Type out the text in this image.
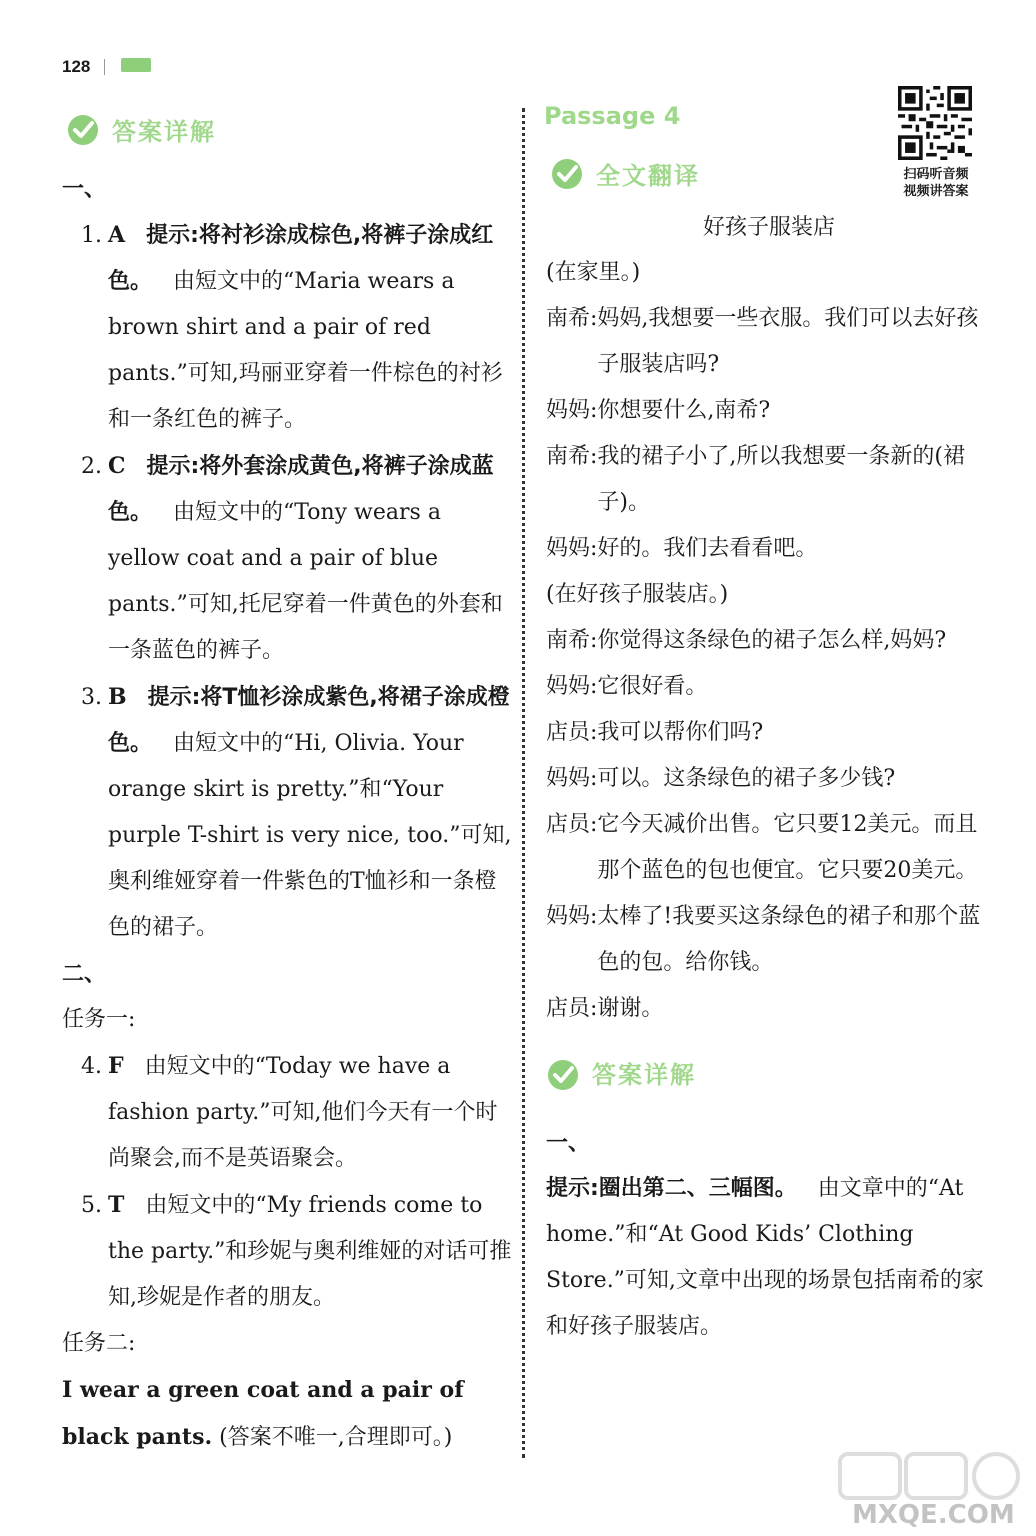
128
答案详解

一、

1. A 提示:将衬衫涂成棕色,将裤子涂成红色。 由短文中的“Maria wears a brown shirt and a pair of red pants.”可知,玛丽亚穿着一件棕色的衬衫和一条红色的裤子。
2. C 提示:将外套涂成黄色,将裤子涂成蓝色。 由短文中的“Tony wears a yellow coat and a pair of blue pants.”可知,托尼穿着一件黄色的外套和一条蓝色的裤子。
3. B 提示:将T恤衫涂成紫色,将裙子涂成橙色。 由短文中的“Hi, Olivia. Your orange skirt is pretty.”和“Your purple T-shirt is very nice, too.”可知,奥利维娅穿着一件紫色的T恤衫和一条橙色的裙子。

二、

任务一:

4. F 由短文中的“Today we have a fashion party.”可知,他们今天有一个时尚聚会,而不是英语聚会。
5. T 由短文中的“My friends come to the party.”和珍妮与奥利维娅的对话可推知,珍妮是作者的朋友。

任务二:

I wear a green coat and a pair of black pants. (答案不唯一,合理即可。)

Passage 4
全文翻译	扫码听音频
视频讲答案
好孩子服装店
(在家里。)
南希: 妈妈,我想要一些衣服。我们可以去好孩子服装店吗?
妈妈: 你想要什么,南希?
南希: 我的裙子小了,所以我想要一条新的(裙子)。
妈妈: 好的。我们去看看吧。
(在好孩子服装店。)
南希: 你觉得这条绿色的裙子怎么样,妈妈?
妈妈: 它很好看。
店员: 我可以帮你们吗?
妈妈: 可以。这条绿色的裙子多少钱?
店员: 它今天减价出售。它只要12美元。而且那个蓝色的包也便宜。它只要20美元。
妈妈: 太棒了!我要买这条绿色的裙子和那个蓝色的包。给你钱。
店员: 谢谢。
答案详解

一、

提示:圈出第二、三幅图。 由文章中的“At home.”和“At Good Kids’ Clothing Store.”可知,文章中出现的场景包括南希的家和好孩子服装店。

MXQE.COM
